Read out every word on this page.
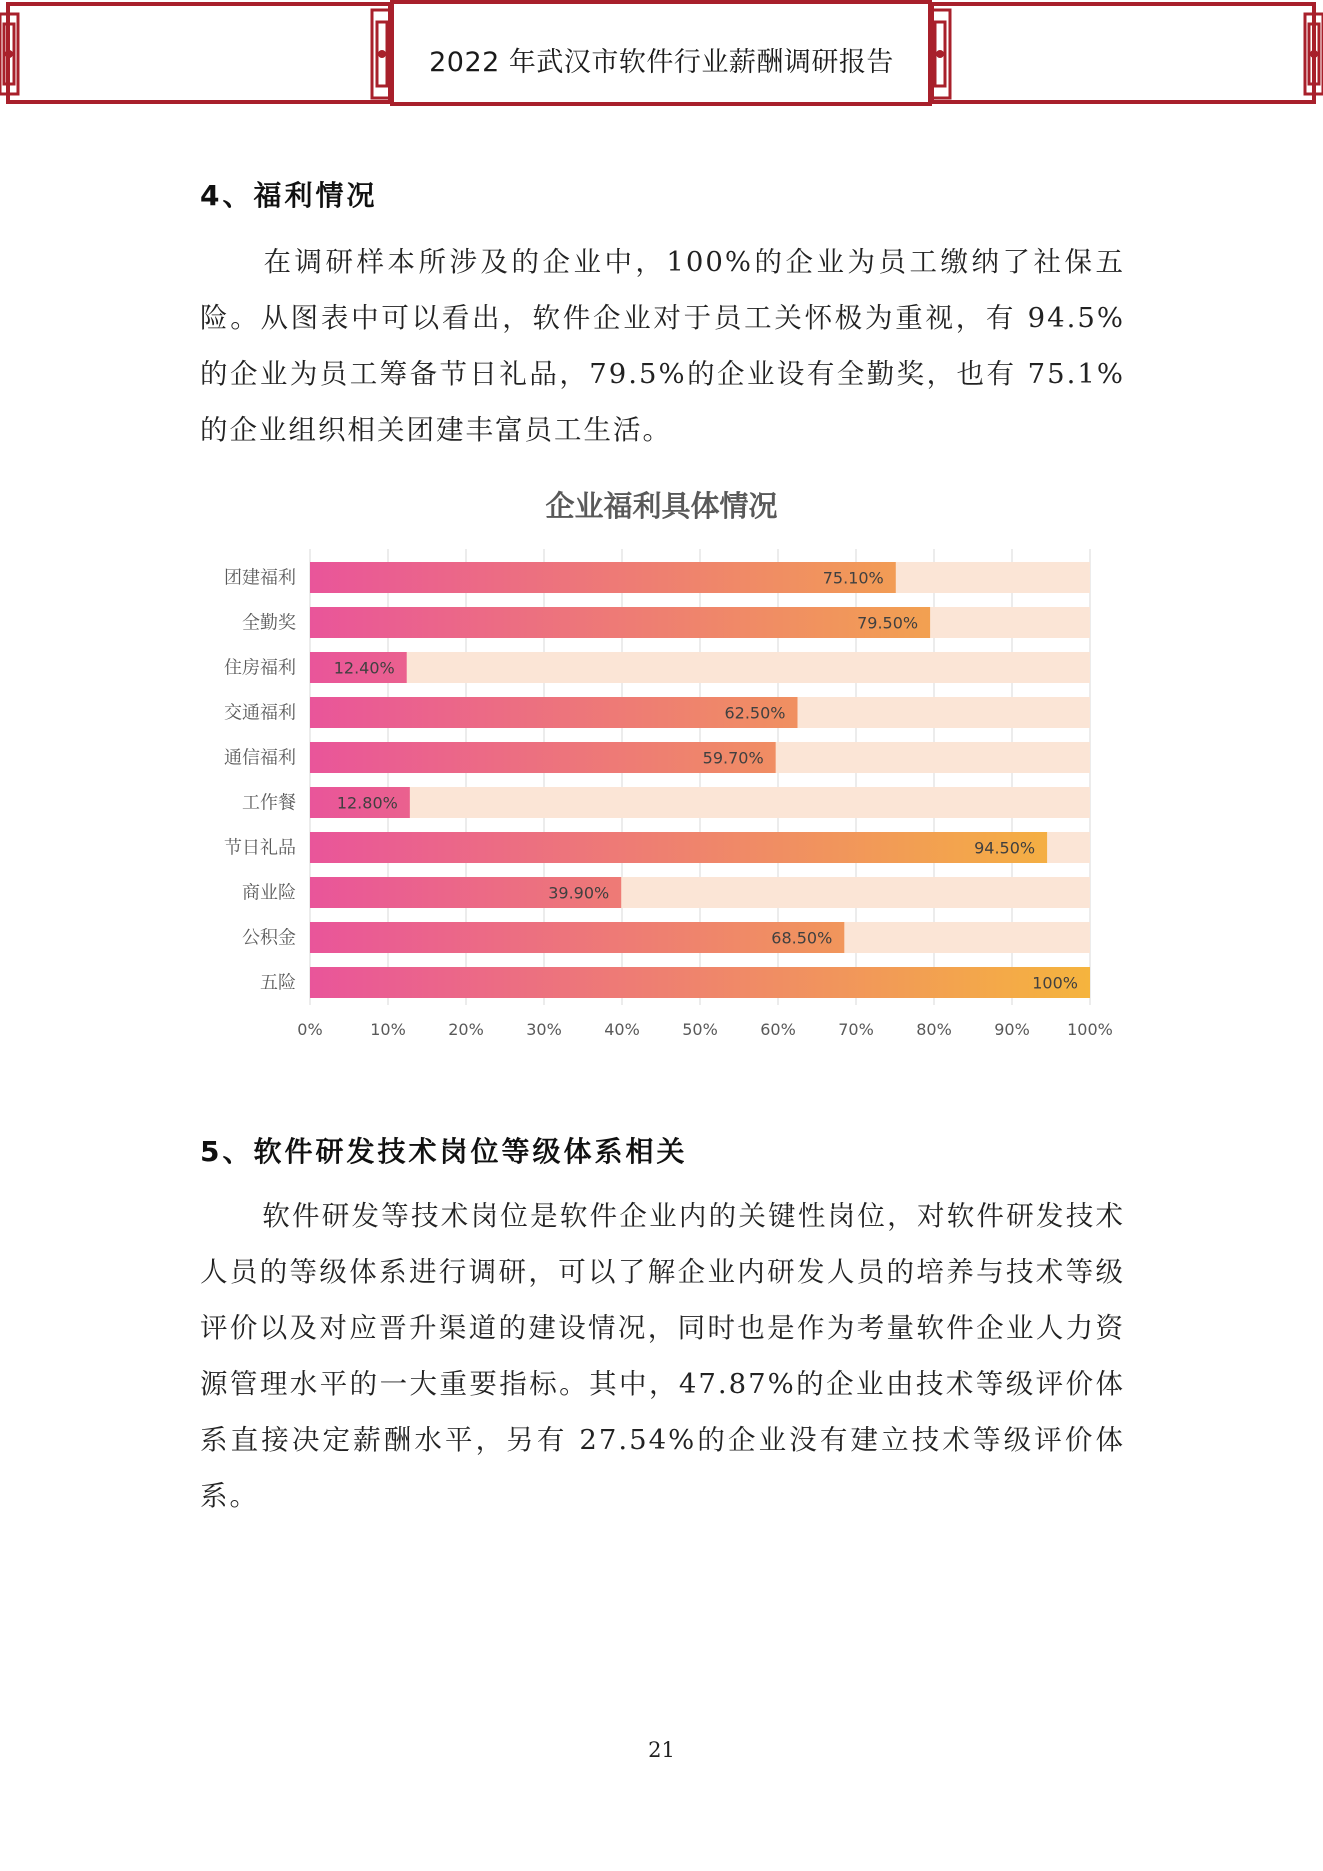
2022 年武汉市软件行业薪酬调研报告
4、福利情况
在调研样本所涉及的企业中，100%的企业为员工缴纳了社保五险。从图表中可以看出，软件企业对于员工关怀极为重视，有 94.5%的企业为员工筹备节日礼品，79.5%的企业设有全勤奖，也有 75.1%的企业组织相关团建丰富员工生活。
企业福利具体情况
0%	10%	20%	30%	40%	50%	60%	70%	80%	90% 100%
团建福利	75.10%
全勤奖	79.50%
住房福利 12.40%
交通福利	62.50%
通信福利	59.70%
工作餐	12.80%
节日礼品	94.50%
商业险	39.90%
公积金	68.50%
五险	100%
5、软件研发技术岗位等级体系相关
软件研发等技术岗位是软件企业内的关键性岗位，对软件研发技术人员的等级体系进行调研，可以了解企业内研发人员的培养与技术等级评价以及对应晋升渠道的建设情况，同时也是作为考量软件企业人力资源管理水平的一大重要指标。其中，47.87%的企业由技术等级评价体系直接决定薪酬水平，另有 27.54%的企业没有建立技术等级评价体系。
21
